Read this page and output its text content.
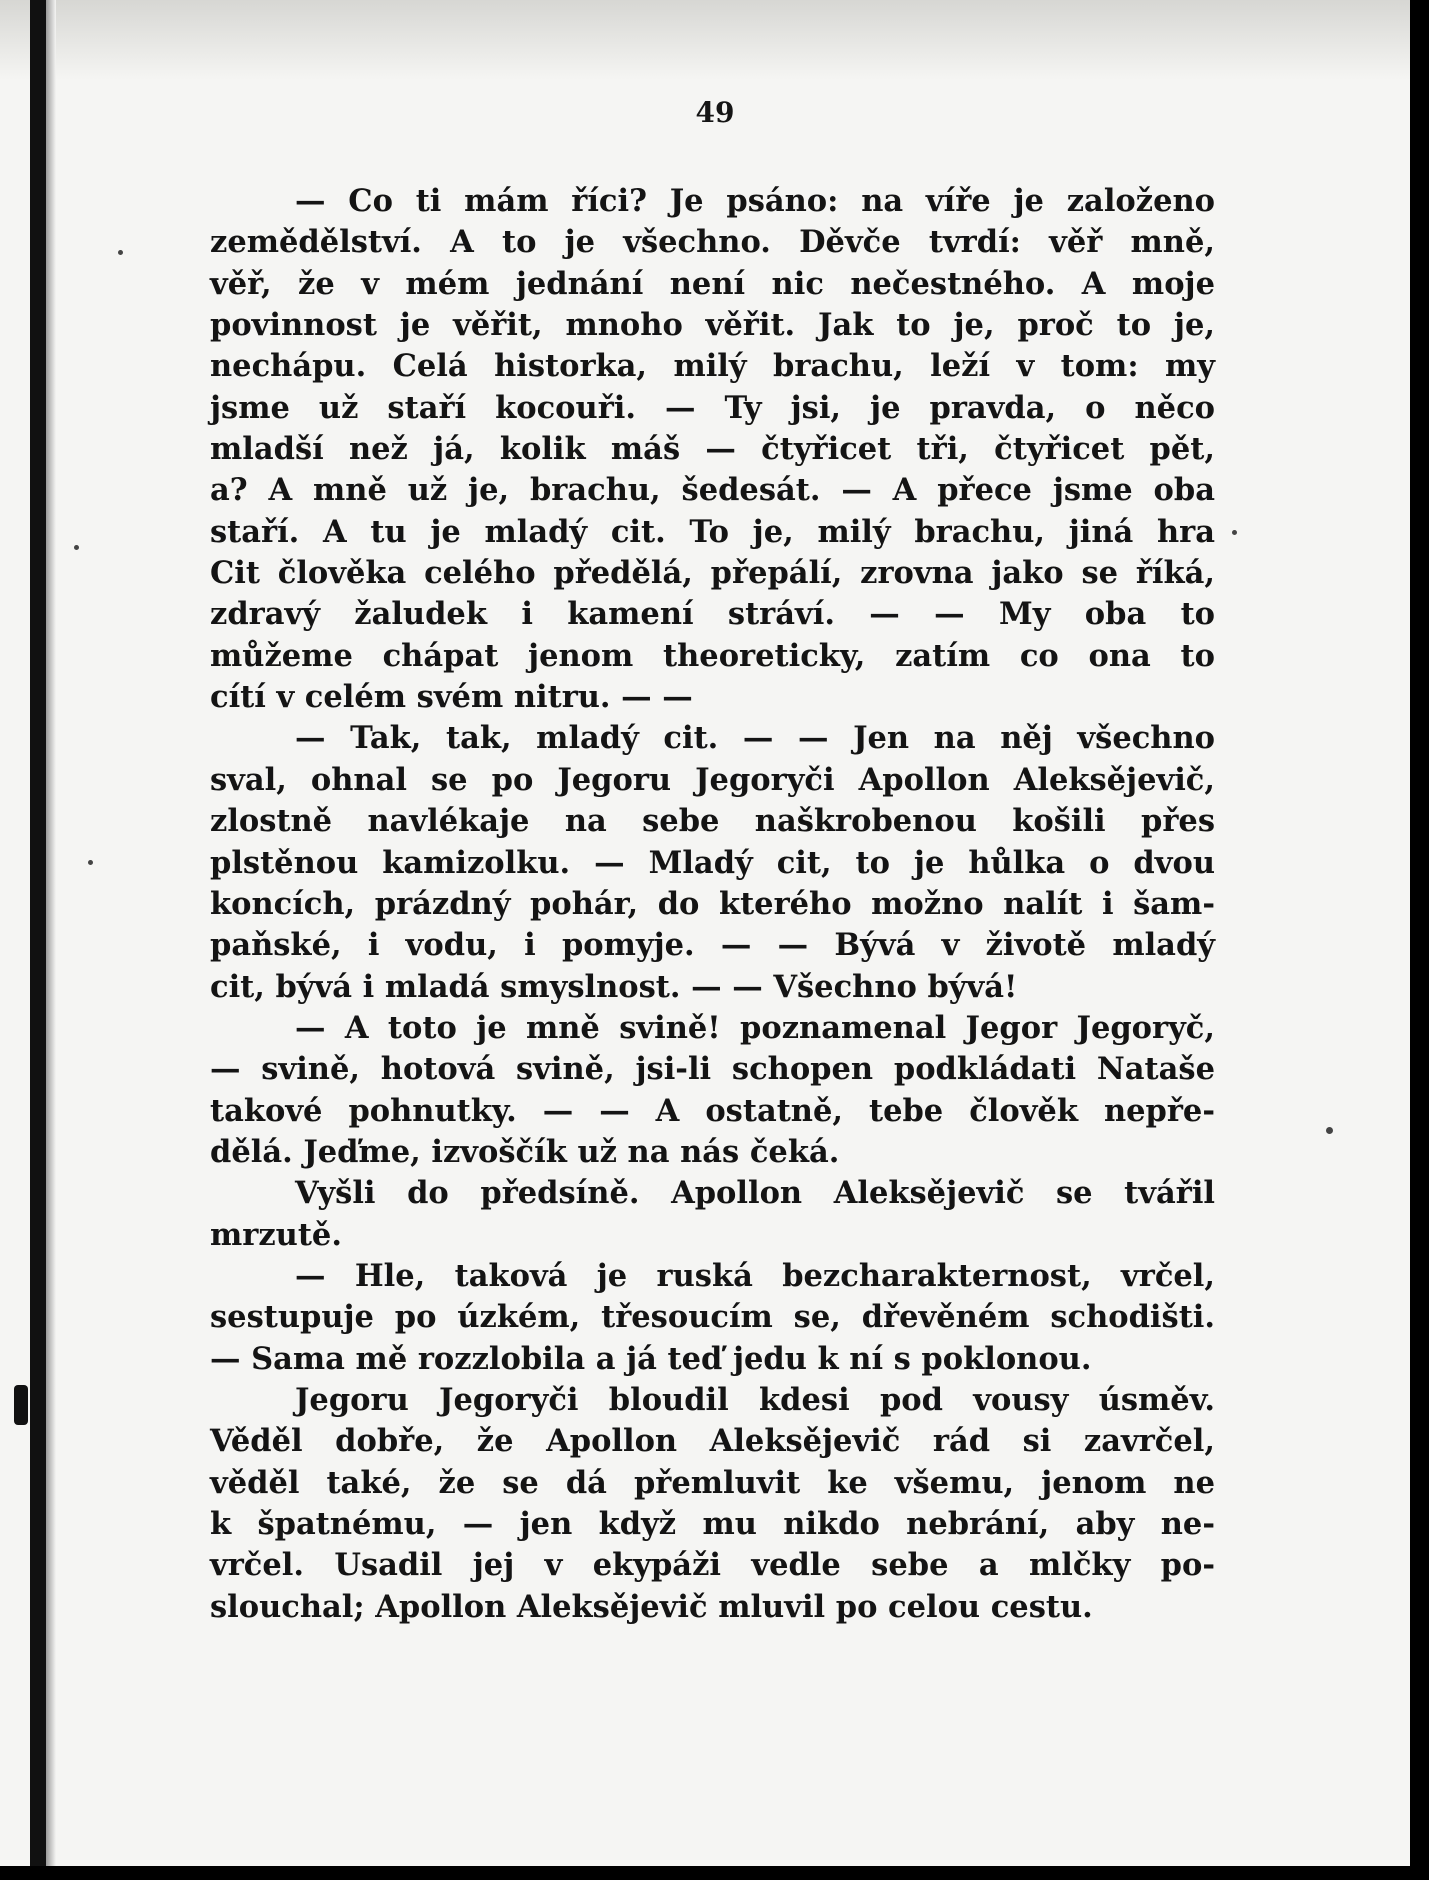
49
— Co ti mám říci? Je psáno: na víře je založeno
zemědělství. A to je všechno. Děvče tvrdí: věř mně,
věř, že v mém jednání není nic nečestného. A moje
povinnost je věřit, mnoho věřit. Jak to je, proč to je,
nechápu. Celá historka, milý brachu, leží v tom: my
jsme už staří kocouři. — Ty jsi, je pravda, o něco
mladší než já, kolik máš — čtyřicet tři, čtyřicet pět,
a? A mně už je, brachu, šedesát. — A přece jsme oba
staří. A tu je mladý cit. To je, milý brachu, jiná hra
Cit člověka celého předělá, přepálí, zrovna jako se říká,
zdravý žaludek i kamení stráví. — — My oba to
můžeme chápat jenom theoreticky, zatím co ona to
cítí v celém svém nitru. — —
— Tak, tak, mladý cit. — — Jen na něj všechno
sval, ohnal se po Jegoru Jegoryči Apollon Aleksějevič,
zlostně navlékaje na sebe naškrobenou košili přes
plstěnou kamizolku. — Mladý cit, to je hůlka o dvou
koncích, prázdný pohár, do kterého možno nalít i šam-
paňské, i vodu, i pomyje. — — Bývá v životě mladý
cit, bývá i mladá smyslnost. — — Všechno bývá!
— A toto je mně svině! poznamenal Jegor Jegoryč,
— svině, hotová svině, jsi-li schopen podkládati Nataše
takové pohnutky. — — A ostatně, tebe člověk nepře-
dělá. Jeďme, izvoščík už na nás čeká.
Vyšli do předsíně. Apollon Aleksějevič se tvářil
mrzutě.
— Hle, taková je ruská bezcharakternost, vrčel,
sestupuje po úzkém, třesoucím se, dřevěném schodišti.
— Sama mě rozzlobila a já teď jedu k ní s poklonou.
Jegoru Jegoryči bloudil kdesi pod vousy úsměv.
Věděl dobře, že Apollon Aleksějevič rád si zavrčel,
věděl také, že se dá přemluvit ke všemu, jenom ne
k špatnému, — jen když mu nikdo nebrání, aby ne-
vrčel. Usadil jej v ekypáži vedle sebe a mlčky po-
slouchal; Apollon Aleksějevič mluvil po celou cestu.
